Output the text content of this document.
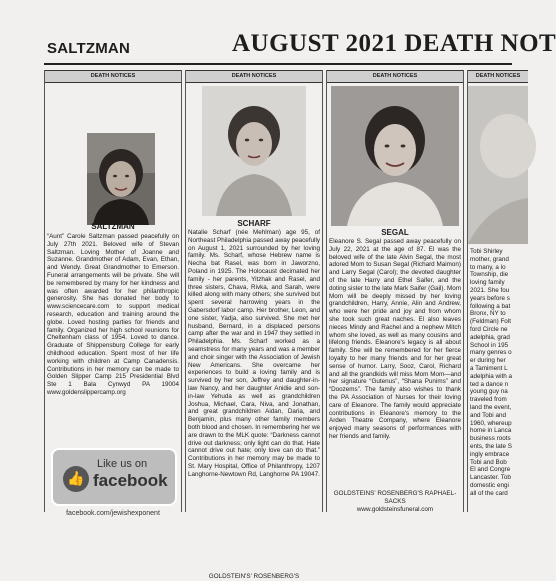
SALTZMAN	AUGUST 2021 DEATH NOT
DEATH NOTICES
SALTZMAN
“Aunt” Carole Saltzman passed peacefully on July 27th 2021. Beloved wife of Stevan Saltzman. Loving Mother of Joanne and Suzanne. Grandmother of Adam, Evan, Ethan, and Wendy. Great Grandmother to Emerson. Funeral arrangements will be private. She will be remembered by many for her kindness and was often awarded for her philanthropic generosity. She has donated her body to www.sciencecare.com to support medical research, education and training around the globe. Loved hosting parties for friends and family. Organized her high school reunions for Cheltenham class of 1954. Loved to dance. Graduate of Shippensburg College for early childhood education. Spent most of her life working with children at Camp Canadensis. Contributions in her memory can be made to Golden Slipper Camp 215 Presidential Blvd Ste 1 Bala Cynwyd PA 19004 www.goldenslippercamp.org
👍
Like us on
facebook
facebook.com/jewishexponent
DEATH NOTICES
SCHARF
Natalie Scharf (née Mehlman) age 95, of Northeast Philadelphia passed away peacefully on August 1, 2021 surrounded by her loving family. Ms. Scharf, whose Hebrew name is Necha bat Rasel, was born in Jaworzno, Poland in 1925. The Holocaust decimated her family - her parents, Yitzhak and Rasel, and three sisters, Chava, Rivka, and Sarah, were killed along with many others; she survived but spent several harrowing years in the Gabersdorf labor camp. Her brother, Leon, and one sister, Yadja, also survived. She met her husband, Bernard, in a displaced persons camp after the war and in 1947 they settled in Philadelphia. Ms. Scharf worked as a seamstress for many years and was a member and choir singer with the Association of Jewish New Americans. She overcame her experiences to build a loving family and is survived by her son, Jeffrey and daughter-in-law Nancy, and her daughter Anidie and son-in-law Yehuda as well as grandchildren Joshua, Michael, Cara, Niva, and Jonathan, and great grandchildren Aidan, Daria, and Benjamin, plus many other family members both blood and chosen. In remembering her we are drawn to the MLK quote: “Darkness cannot drive out darkness; only light can do that. Hate cannot drive out hate; only love can do that.” Contributions in her memory may be made to St. Mary Hospital, Office of Philanthropy, 1207 Langhorne-Newtown Rd, Langhorne PA 19047.
GOLDSTEIN'S' ROSENBERG'S
DEATH NOTICES
SEGAL
Eleanore S. Segal passed away peacefully on July 22, 2021 at the age of 87. El was the beloved wife of the late Alvin Segal, the most adored Mom to Susan Segal (Richard Maimon) and Larry Segal (Carol); the devoted daughter of the late Harry and Ethel Saifer, and the doting sister to the late Mark Saifer (Gail). Mom Mom will be deeply missed by her loving grandchildren, Harry, Annie, Alin and Andrew, who were her pride and joy and from whom she took such great naches. El also leaves nieces Mindy and Rachel and a nephew Mitch whom she loved, as well as many cousins and lifelong friends. Eleanore's legacy is all about family. She will be remembered for her fierce loyalty to her many friends and for her great sense of humor. Larry, Sooz, Carol, Richard and all the grandkids will miss Mom Mom—and her signature “Gutenus”, “Shana Punims” and “Doozems”. The family also wishes to thank the PA Association of Nurses for their loving care of Eleanore. The family would appreciate contributions in Eleanore's memory to the Arden Theatre Company, where Eleanore enjoyed many seasons of performances with her friends and family.
GOLDSTEINS' ROSENBERG'S RAPHAEL-SACKS
www.goldsteinsfuneral.com
DEATH NOTICES
Tobi Shirley
mother, grand
to many, a lo
Township, die
loving family
2021. She fou
years before s
following a bat
Bronx, NY to
(Feldman) Folt
ford Circle ne
adelphia, grad
School in 195
many genres o
er during her
a Tamiment L
adelphia with a
ted a dance n
young guy na
traveled from
land the event,
and Tobi and
1960, whereup
home in Lanca
business roots
ents, the late S
ingly embrace
Tobi and Bob
El and Congre
Lancaster. Tob
domestic engi
all of the card
